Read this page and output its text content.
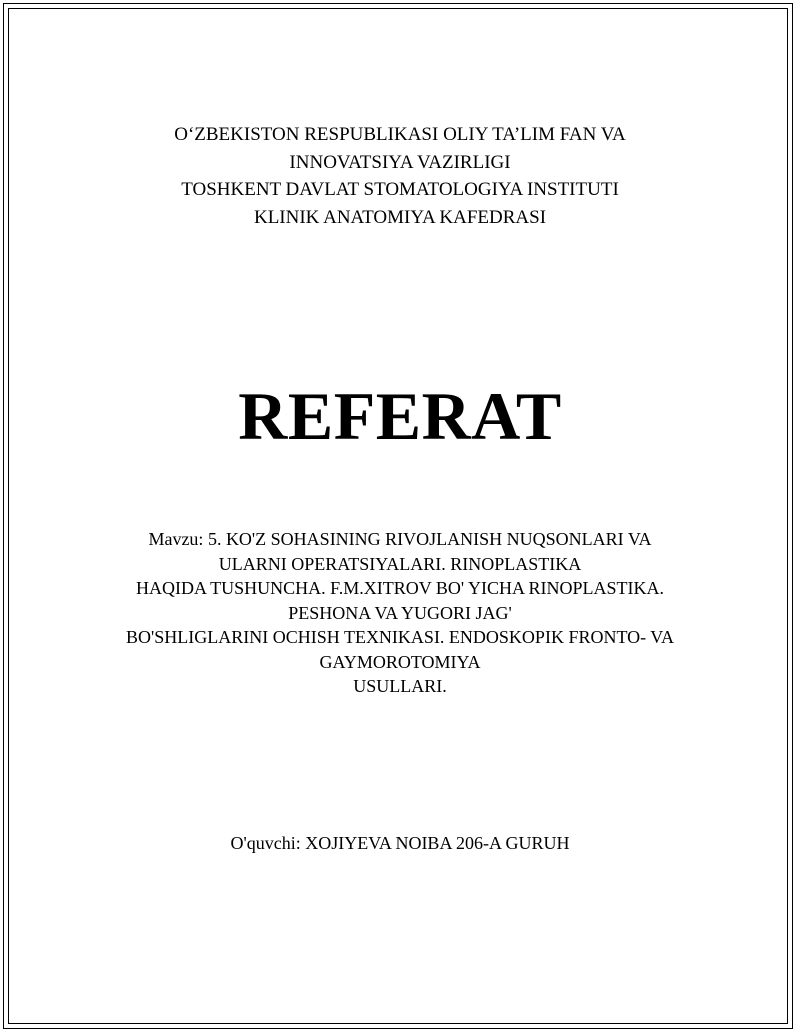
O‘ZBEKISTON RESPUBLIKASI OLIY TA’LIM FAN VA
INNOVATSIYA VAZIRLIGI
TOSHKENT DAVLAT STOMATOLOGIYA INSTITUTI
KLINIK ANATOMIYA KAFEDRASI
REFERAT
Mavzu: 5. KO'Z SOHASINING RIVOJLANISH NUQSONLARI VA
ULARNI OPERATSIYALARI. RINOPLASTIKA
HAQIDA TUSHUNCHA. F.M.XITROV BO' YICHA RINOPLASTIKA.
PESHONA VA YUGORI JAG'
BO'SHLIGLARINI OCHISH TEXNIKASI. ENDOSKOPIK FRONTO- VA
GAYMOROTOMIYA
USULLARI.
O'quvchi: XOJIYEVA NOIBA 206-A GURUH
